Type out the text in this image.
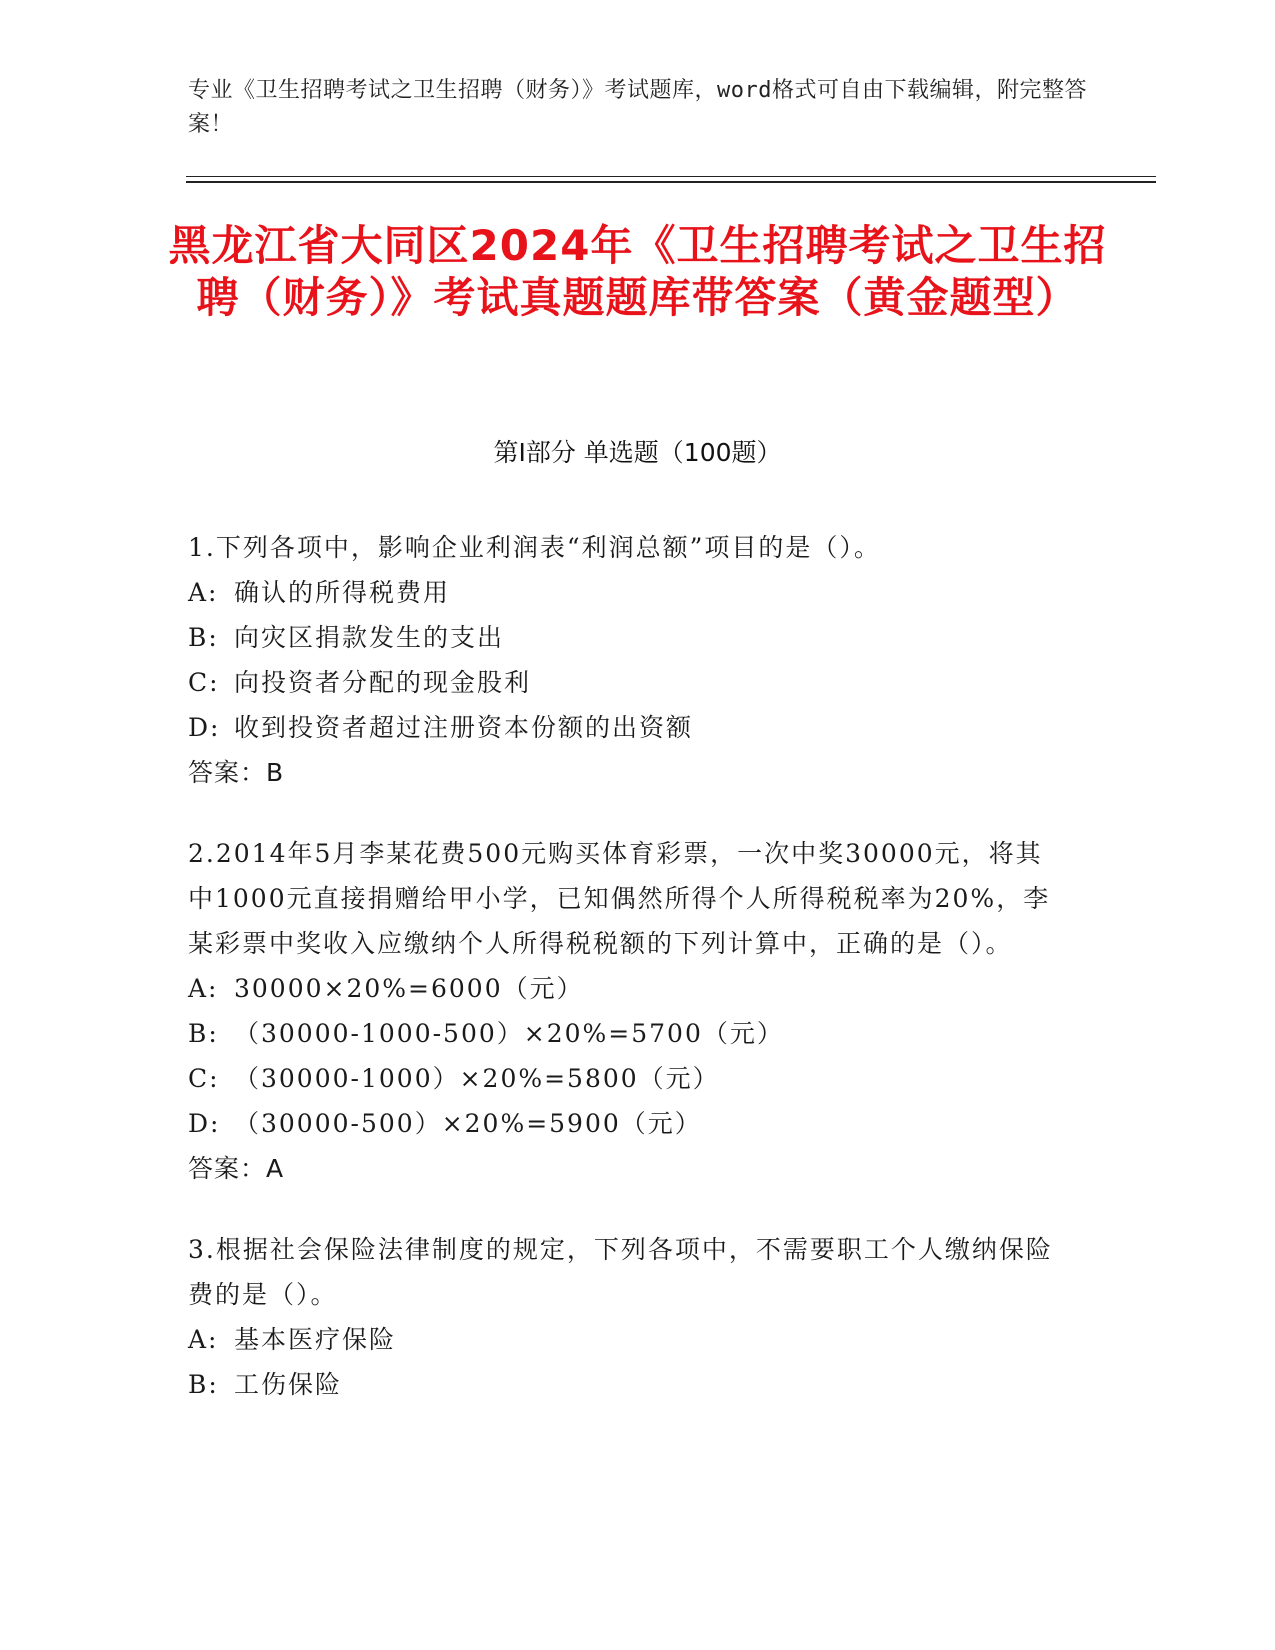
专业《卫生招聘考试之卫生招聘（财务）》考试题库，word格式可自由下载编辑，附完整答案！
黑龙江省大同区2024年《卫生招聘考试之卫生招聘（财务）》考试真题题库带答案（黄金题型）
第Ⅰ部分 单选题（100题）
1.下列各项中，影响企业利润表“利润总额”项目的是（）。
A: 确认的所得税费用
B: 向灾区捐款发生的支出
C: 向投资者分配的现金股利
D: 收到投资者超过注册资本份额的出资额
答案：B
2.2014年5月李某花费500元购买体育彩票，一次中奖30000元，将其中1000元直接捐赠给甲小学，已知偶然所得个人所得税税率为20%，李某彩票中奖收入应缴纳个人所得税税额的下列计算中，正确的是（）。
A: 30000×20%=6000（元）
B: （30000-1000-500）×20%=5700（元）
C: （30000-1000）×20%=5800（元）
D: （30000-500）×20%=5900（元）
答案：A
3.根据社会保险法律制度的规定，下列各项中，不需要职工个人缴纳保险费的是（）。
A: 基本医疗保险
B: 工伤保险
